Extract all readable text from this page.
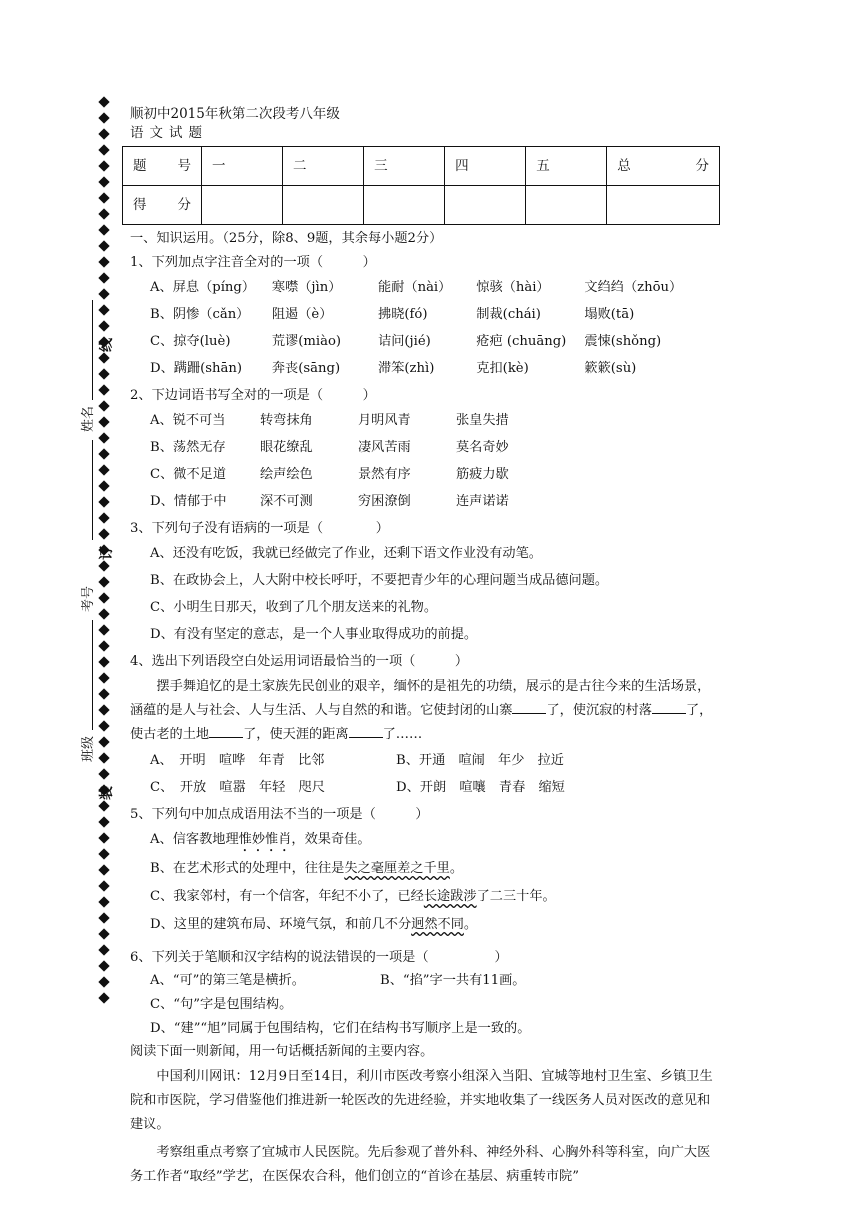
姓名
线
考号
订
班级
装

顺初中2015年秋第二次段考八年级

语文试题

题 号	一	二	三	四	五	总 分

得 分						

一、知识运用。（25分，除8、9题，其余每小题2分）

1、下列加点字注音全对的一项（　　　）

A、屏息（píng）	寒噤（jìn）	能耐（nài）	惊骇（hài）	文绉绉（zhōu）
B、阴惨（cǎn）	阻遏（è）	拂晓(fó)	制裁(chái)	塌败(tā)
C、掠夺(luè)	荒谬(miào)	诘问(jié)	疮疤 (chuāng)	震悚(shǒng)
D、蹒跚(shān)	奔丧(sāng)	滞笨(zhì)	克扣(kè)	簌簌(sù)

2、下边词语书写全对的一项是（　　　）

A、锐不可当	转弯抹角	月明风青	张皇失措
B、荡然无存	眼花缭乱	凄风苦雨	莫名奇妙
C、微不足道	绘声绘色	景然有序	筋疲力歇
D、情郁于中	深不可测	穷困潦倒	连声诺诺

3、下列句子没有语病的一项是（　　　　）

A、还没有吃饭，我就已经做完了作业，还剩下语文作业没有动笔。
B、在政协会上，人大附中校长呼吁，不要把青少年的心理问题当成品德问题。
C、小明生日那天，收到了几个朋友送来的礼物。
D、有没有坚定的意志，是一个人事业取得成功的前提。

4、选出下列语段空白处运用词语最恰当的一项（　　　）

摆手舞追忆的是土家族先民创业的艰辛，缅怀的是祖先的功绩，展示的是古往今来的生活场景，涵蕴的是人与社会、人与生活、人与自然的和谐。它使封闭的山寨	了，使沉寂的村落	了，使古老的土地	了，使天涯的距离	了……

A、　开明　喧哗　年青　比邻	B、开通　喧闹　年少　拉近
C、　开放　喧嚣　年轻　咫尺	D、开朗　喧嚷　青春　缩短

5、下列句中加点成语用法不当的一项是（　　　）

A、信客教地理 惟妙惟肖 ，效果奇佳。
B、在艺术形式的处理中，往往是 失之毫厘差之千里 。
C、我家邻村，有一个信客，年纪不小了，已经 长途跋涉 了二三十年。
D、这里的建筑布局、环境气氛，和前几不分 迥然不同 。

6、下列关于笔顺和汉字结构的说法错误的一项是（　　　　　）

A、“可”的第三笔是横折。	B、“掐”字一共有11画。
C、“句”字是包围结构。
D、“建”“旭”同属于包围结构，它们在结构书写顺序上是一致的。

阅读下面一则新闻，用一句话概括新闻的主要内容。

中国利川网讯：12月9日至14日，利川市医改考察小组深入当阳、宜城等地村卫生室、乡镇卫生院和市医院，学习借鉴他们推进新一轮医改的先进经验，并实地收集了一线医务人员对医改的意见和建议。

考察组重点考察了宜城市人民医院。先后参观了普外科、神经外科、心胸外科等科室，向广大医务工作者“取经”学艺，在医保农合科，他们创立的“首诊在基层、病重转市院”
